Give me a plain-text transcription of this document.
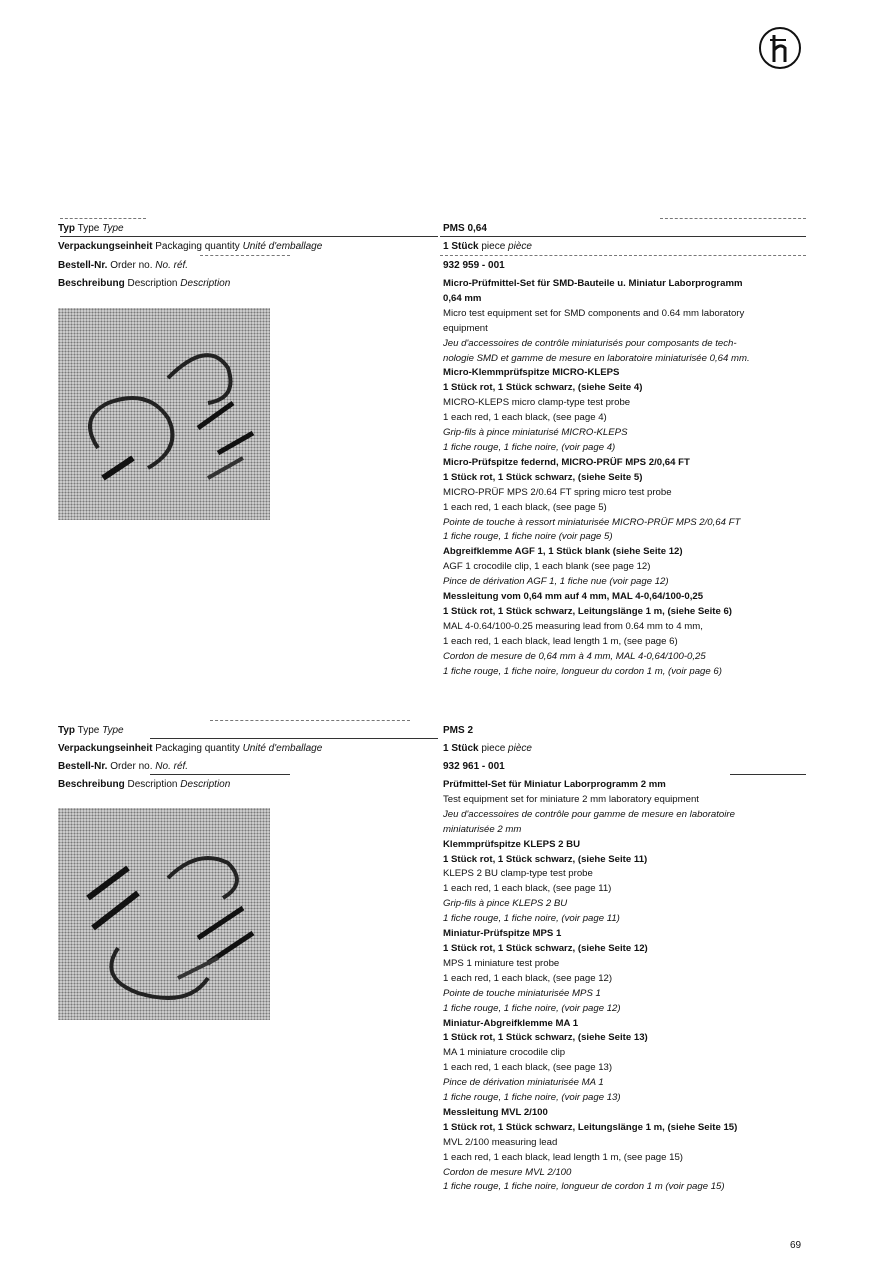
Typ Type Type
Verpackungseinheit Packaging quantity Unité d'emballage
Bestell-Nr. Order no. No. réf.
Beschreibung Description Description
PMS 0,64
1 Stück piece pièce
932 959 - 001
Micro-Prüfmittel-Set für SMD-Bauteile u. Miniatur Laborprogramm
0,64 mm
Micro test equipment set for SMD components and 0.64 mm laboratory
equipment
Jeu d'accessoires de contrôle miniaturisés pour composants de tech-
nologie SMD et gamme de mesure en laboratoire miniaturisée 0,64 mm.
Micro-Klemmprüfspitze MICRO-KLEPS
1 Stück rot, 1 Stück schwarz, (siehe Seite 4)
MICRO-KLEPS micro clamp-type test probe
1 each red, 1 each black, (see page 4)
Grip-fils à pince miniaturisé MICRO-KLEPS
1 fiche rouge, 1 fiche noire, (voir page 4)
Micro-Prüfspitze federnd, MICRO-PRÜF MPS 2/0,64 FT
1 Stück rot, 1 Stück schwarz, (siehe Seite 5)
MICRO-PRÜF MPS 2/0.64 FT spring micro test probe
1 each red, 1 each black, (see page 5)
Pointe de touche à ressort miniaturisée MICRO-PRÜF MPS 2/0,64 FT
1 fiche rouge, 1 fiche noire (voir page 5)
Abgreifklemme AGF 1, 1 Stück blank (siehe Seite 12)
AGF 1 crocodile clip, 1 each blank (see page 12)
Pince de dérivation AGF 1, 1 fiche nue (voir page 12)
Messleitung vom 0,64 mm auf 4 mm, MAL 4-0,64/100-0,25
1 Stück rot, 1 Stück schwarz, Leitungslänge 1 m, (siehe Seite 6)
MAL 4-0.64/100-0.25 measuring lead from 0.64 mm to 4 mm,
1 each red, 1 each black, lead length 1 m, (see page 6)
Cordon de mesure de 0,64 mm à 4 mm, MAL 4-0,64/100-0,25
1 fiche rouge, 1 fiche noire, longueur du cordon 1 m, (voir page 6)
Typ Type Type
Verpackungseinheit Packaging quantity Unité d'emballage
Bestell-Nr. Order no. No. réf.
Beschreibung Description Description
PMS 2
1 Stück piece pièce
932 961 - 001
Prüfmittel-Set für Miniatur Laborprogramm 2 mm
Test equipment set for miniature 2 mm laboratory equipment
Jeu d'accessoires de contrôle pour gamme de mesure en laboratoire
miniaturisée 2 mm
Klemmprüfspitze KLEPS 2 BU
1 Stück rot, 1 Stück schwarz, (siehe Seite 11)
KLEPS 2 BU clamp-type test probe
1 each red, 1 each black, (see page 11)
Grip-fils à pince KLEPS 2 BU
1 fiche rouge, 1 fiche noire, (voir page 11)
Miniatur-Prüfspitze MPS 1
1 Stück rot, 1 Stück schwarz, (siehe Seite 12)
MPS 1 miniature test probe
1 each red, 1 each black, (see page 12)
Pointe de touche miniaturisée MPS 1
1 fiche rouge, 1 fiche noire, (voir page 12)
Miniatur-Abgreifklemme MA 1
1 Stück rot, 1 Stück schwarz, (siehe Seite 13)
MA 1 miniature crocodile clip
1 each red, 1 each black, (see page 13)
Pince de dérivation miniaturisée MA 1
1 fiche rouge, 1 fiche noire, (voir page 13)
Messleitung MVL 2/100
1 Stück rot, 1 Stück schwarz, Leitungslänge 1 m, (siehe Seite 15)
MVL 2/100 measuring lead
1 each red, 1 each black, lead length 1 m, (see page 15)
Cordon de mesure MVL 2/100
1 fiche rouge, 1 fiche noire, longueur de cordon 1 m (voir page 15)
69
